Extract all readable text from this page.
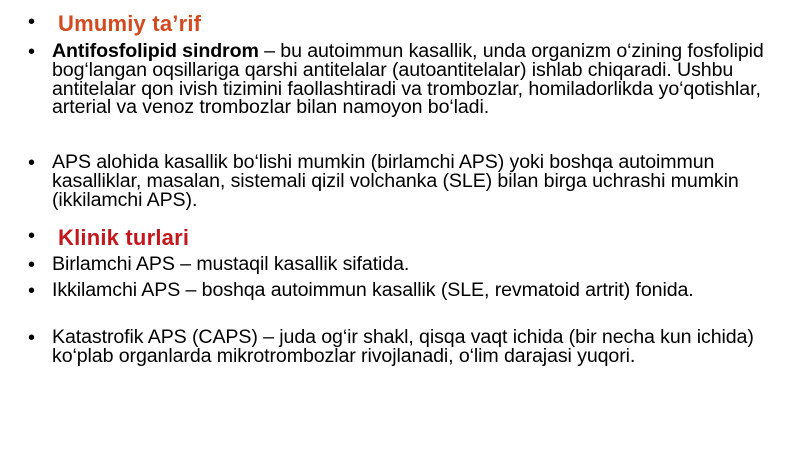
• Umumiy ta’rif
• Antifosfolipid sindrom – bu autoimmun kasallik, unda organizm o‘zining fosfolipid bog‘langan oqsillariga qarshi antitelalar (autoantitelalar) ishlab chiqaradi. Ushbu antitelalar qon ivish tizimini faollashtiradi va trombozlar, homiladorlikda yo‘qotishlar, arterial va venoz trombozlar bilan namoyon bo‘ladi.
• APS alohida kasallik bo‘lishi mumkin (birlamchi APS) yoki boshqa autoimmun kasalliklar, masalan, sistemali qizil volchanka (SLE) bilan birga uchrashi mumkin (ikkilamchi APS).
• Klinik turlari
• Birlamchi APS – mustaqil kasallik sifatida.
• Ikkilamchi APS – boshqa autoimmun kasallik (SLE, revmatoid artrit) fonida.
• Katastrofik APS (CAPS) – juda og‘ir shakl, qisqa vaqt ichida (bir necha kun ichida) ko‘plab organlarda mikrotrombozlar rivojlanadi, o‘lim darajasi yuqori.
